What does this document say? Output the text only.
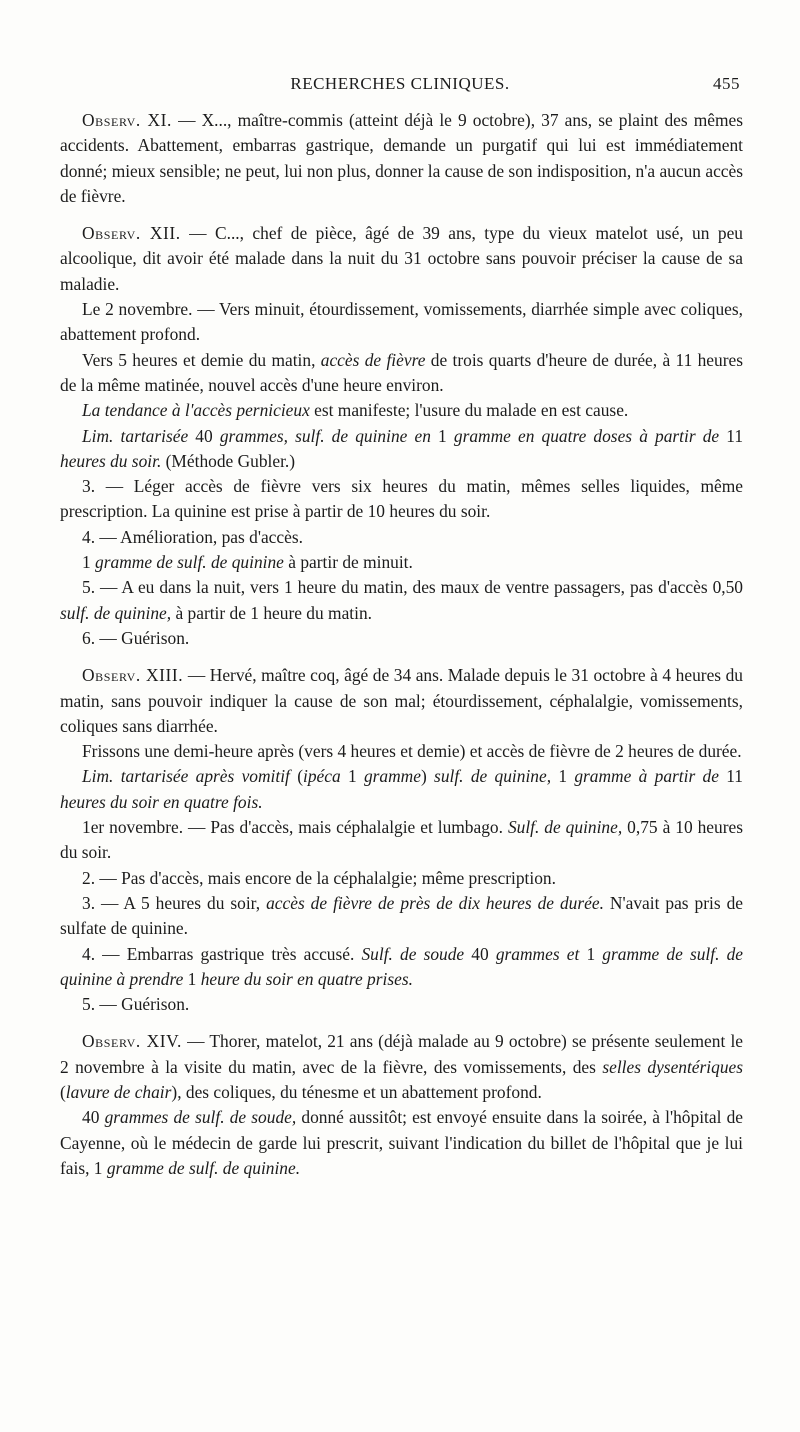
RECHERCHES CLINIQUES.	455

Observ. XI. — X..., maître-commis (atteint déjà le 9 octobre), 37 ans, se plaint des mêmes accidents. Abattement, embarras gastrique, demande un purgatif qui lui est immédiatement donné; mieux sensible; ne peut, lui non plus, donner la cause de son indisposition, n'a aucun accès de fièvre.

Observ. XII. — C..., chef de pièce, âgé de 39 ans, type du vieux matelot usé, un peu alcoolique, dit avoir été malade dans la nuit du 31 octobre sans pouvoir préciser la cause de sa maladie.

Le 2 novembre. — Vers minuit, étourdissement, vomissements, diarrhée simple avec coliques, abattement profond.

Vers 5 heures et demie du matin, accès de fièvre de trois quarts d'heure de durée, à 11 heures de la même matinée, nouvel accès d'une heure environ.

La tendance à l'accès pernicieux est manifeste; l'usure du malade en est cause.

Lim. tartarisée 40 grammes, sulf. de quinine en 1 gramme en quatre doses à partir de 11 heures du soir. (Méthode Gubler.)

3. — Léger accès de fièvre vers six heures du matin, mêmes selles liquides, même prescription. La quinine est prise à partir de 10 heures du soir.

4. — Amélioration, pas d'accès.

1 gramme de sulf. de quinine à partir de minuit.

5. — A eu dans la nuit, vers 1 heure du matin, des maux de ventre passagers, pas d'accès 0,50 sulf. de quinine, à partir de 1 heure du matin.

6. — Guérison.

Observ. XIII. — Hervé, maître coq, âgé de 34 ans. Malade depuis le 31 octobre à 4 heures du matin, sans pouvoir indiquer la cause de son mal; étourdissement, céphalalgie, vomissements, coliques sans diarrhée.

Frissons une demi-heure après (vers 4 heures et demie) et accès de fièvre de 2 heures de durée.

Lim. tartarisée après vomitif (ipéca 1 gramme) sulf. de quinine, 1 gramme à partir de 11 heures du soir en quatre fois.

1er novembre. — Pas d'accès, mais céphalalgie et lumbago. Sulf. de quinine, 0,75 à 10 heures du soir.

2. — Pas d'accès, mais encore de la céphalalgie; même prescription.

3. — A 5 heures du soir, accès de fièvre de près de dix heures de durée. N'avait pas pris de sulfate de quinine.

4. — Embarras gastrique très accusé. Sulf. de soude 40 grammes et 1 gramme de sulf. de quinine à prendre 1 heure du soir en quatre prises.

5. — Guérison.

Observ. XIV. — Thorer, matelot, 21 ans (déjà malade au 9 octobre) se présente seulement le 2 novembre à la visite du matin, avec de la fièvre, des vomissements, des selles dysentériques (lavure de chair), des coliques, du ténesme et un abattement profond.

40 grammes de sulf. de soude, donné aussitôt; est envoyé ensuite dans la soirée, à l'hôpital de Cayenne, où le médecin de garde lui prescrit, suivant l'indication du billet de l'hôpital que je lui fais, 1 gramme de sulf. de quinine.
